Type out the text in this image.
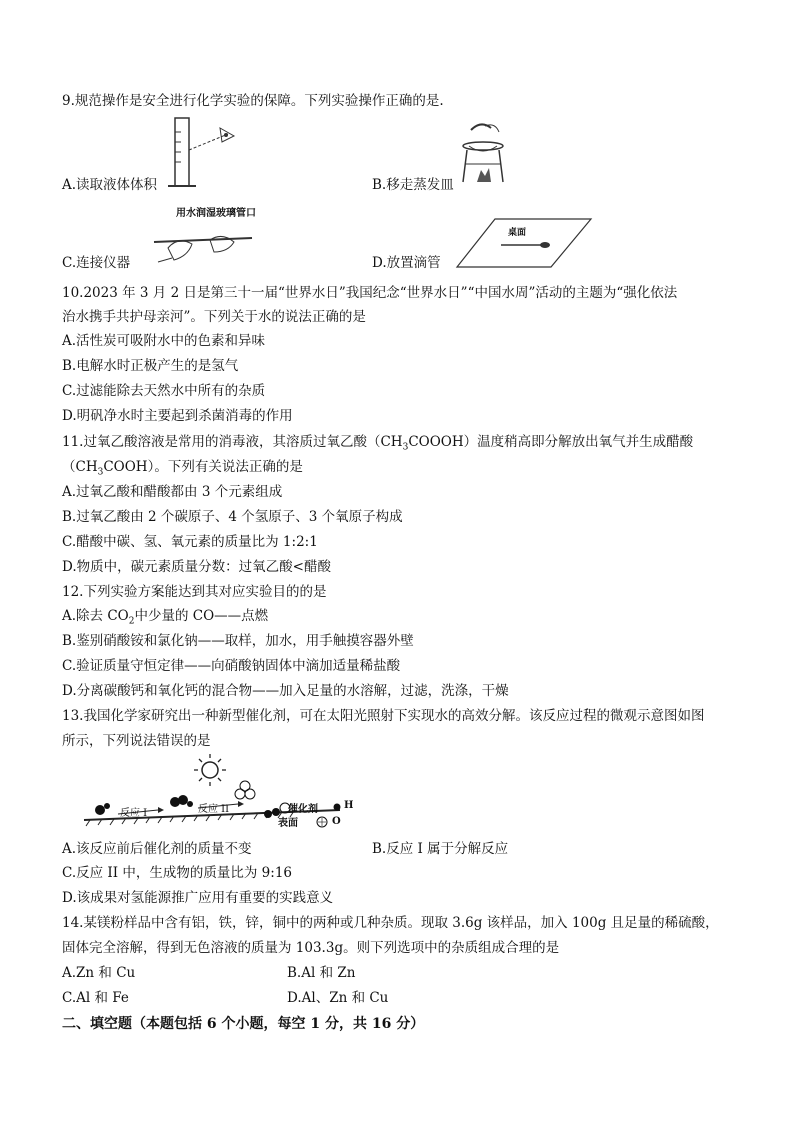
9.规范操作是安全进行化学实验的保障。下列实验操作正确的是.
A.读取液体体积	B.移走蒸发皿
用水润湿玻璃管口
桌面
C.连接仪器	D.放置滴管
10.2023 年 3 月 2 日是第三十一届“世界水日”我国纪念“世界水日”“中国水周”活动的主题为“强化依法
治水携手共护母亲河”。下列关于水的说法正确的是
A.活性炭可吸附水中的色素和异味
B.电解水时正极产生的是氢气
C.过滤能除去天然水中所有的杂质
D.明矾净水时主要起到杀菌消毒的作用
11.过氧乙酸溶液是常用的消毒液，其溶质过氧乙酸$(CH_3COOOH)$温度稍高即分解放出氧气并生成醋酸
$(CH_3COOH)$。下列有关说法正确的是
A.过氧乙酸和醋酸都由 3 个元素组成
B.过氧乙酸由 2 个碳原子、4 个氢原子、3 个氧原子构成
C.醋酸中碳、氢、氧元素的质量比为 1:2:1
D.物质中，碳元素质量分数：过氧乙酸<醋酸
12.下列实验方案能达到其对应实验目的的是
A.除去 $CO_2$中少量的 CO——点燃
B.鉴别硝酸铵和氯化钠——取样，加水，用手触摸容器外壁
C.验证质量守恒定律——向硝酸钠固体中滴加适量稀盐酸
D.分离碳酸钙和氧化钙的混合物——加入足量的水溶解，过滤，洗涤，干燥
13.我国化学家研究出一种新型催化剂，可在太阳光照射下实现水的高效分解。该反应过程的微观示意图如图
所示，下列说法错误的是
反应 I	反应 II	催化剂
表面
H
O
A.该反应前后催化剂的质量不变	B.反应 I 属于分解反应
C.反应 II 中，生成物的质量比为 9:16
D.该成果对氢能源推广应用有重要的实践意义
14.某镁粉样品中含有铝，铁，锌，铜中的两种或几种杂质。现取 3.6g 该样品，加入 100g 且足量的稀硫酸，
固体完全溶解，得到无色溶液的质量为 103.3g。则下列选项中的杂质组成合理的是
A.Zn 和 Cu	B.Al 和 Zn
C.Al 和 Fe	D.Al、Zn 和 Cu
二、填空题（本题包括 6 个小题，每空 1 分，共 16 分）
